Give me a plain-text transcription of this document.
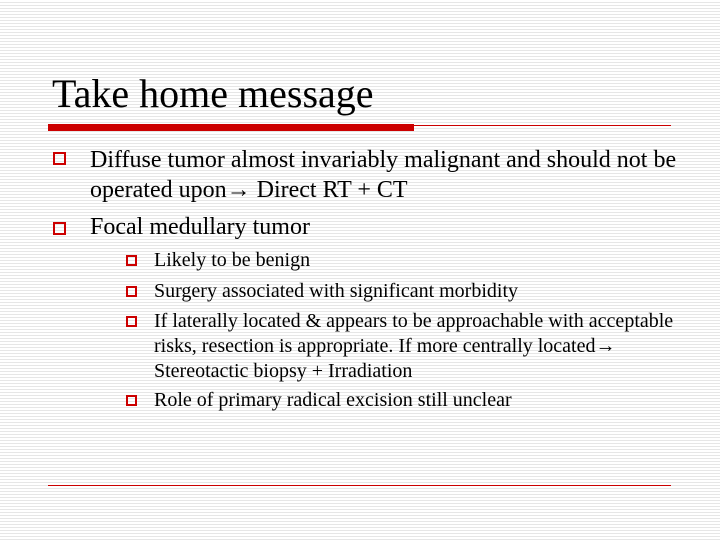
Take home message
Diffuse tumor almost invariably malignant and should not be operated upon→ Direct RT + CT
Focal medullary tumor
Likely to be benign
Surgery associated with significant morbidity
If laterally located & appears to be approachable with acceptable risks, resection is appropriate. If more centrally located→ Stereotactic biopsy + Irradiation
Role of primary radical excision still unclear
